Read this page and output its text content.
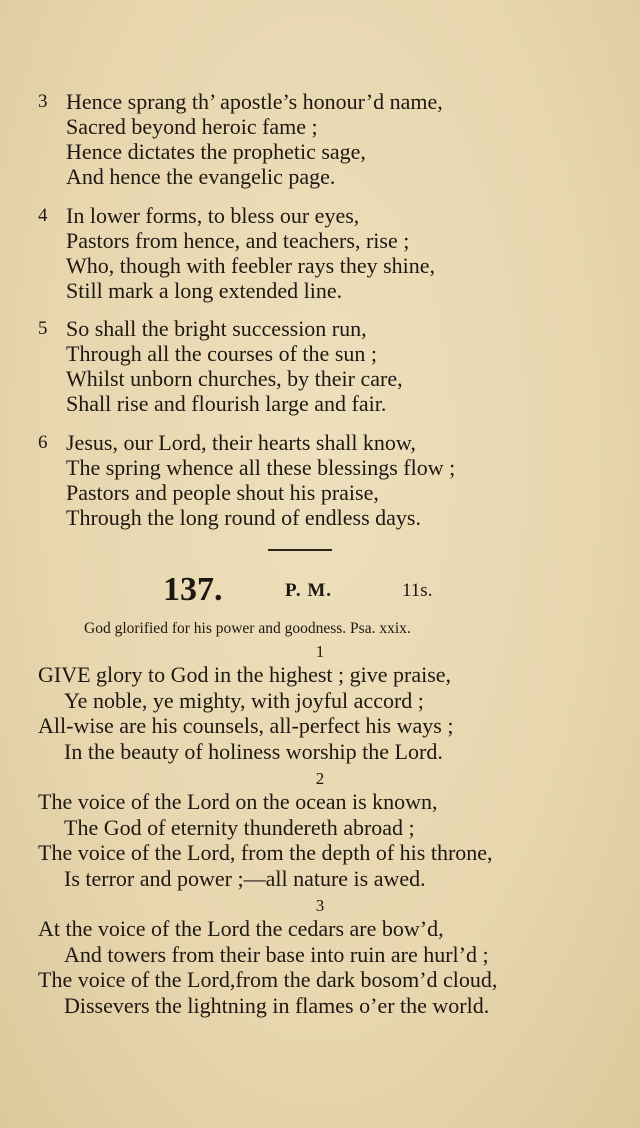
3 Hence sprang th’ apostle’s honour’d name,
Sacred beyond heroic fame ;
Hence dictates the prophetic sage,
And hence the evangelic page.
4 In lower forms, to bless our eyes,
Pastors from hence, and teachers, rise ;
Who, though with feebler rays they shine,
Still mark a long extended line.
5 So shall the bright succession run,
Through all the courses of the sun ;
Whilst unborn churches, by their care,
Shall rise and flourish large and fair.
6 Jesus, our Lord, their hearts shall know,
The spring whence all these blessings flow ;
Pastors and people shout his praise,
Through the long round of endless days.
137.	P. M.	11s.
God glorified for his power and goodness. Psa. xxix.
1
GIVE glory to God in the highest ; give praise,
Ye noble, ye mighty, with joyful accord ;
All-wise are his counsels, all-perfect his ways ;
In the beauty of holiness worship the Lord.
2
The voice of the Lord on the ocean is known,
The God of eternity thundereth abroad ;
The voice of the Lord, from the depth of his throne,
Is terror and power ;—all nature is awed.
3
At the voice of the Lord the cedars are bow’d,
And towers from their base into ruin are hurl’d ;
The voice of the Lord,from the dark bosom’d cloud,
Dissevers the lightning in flames o’er the world.
